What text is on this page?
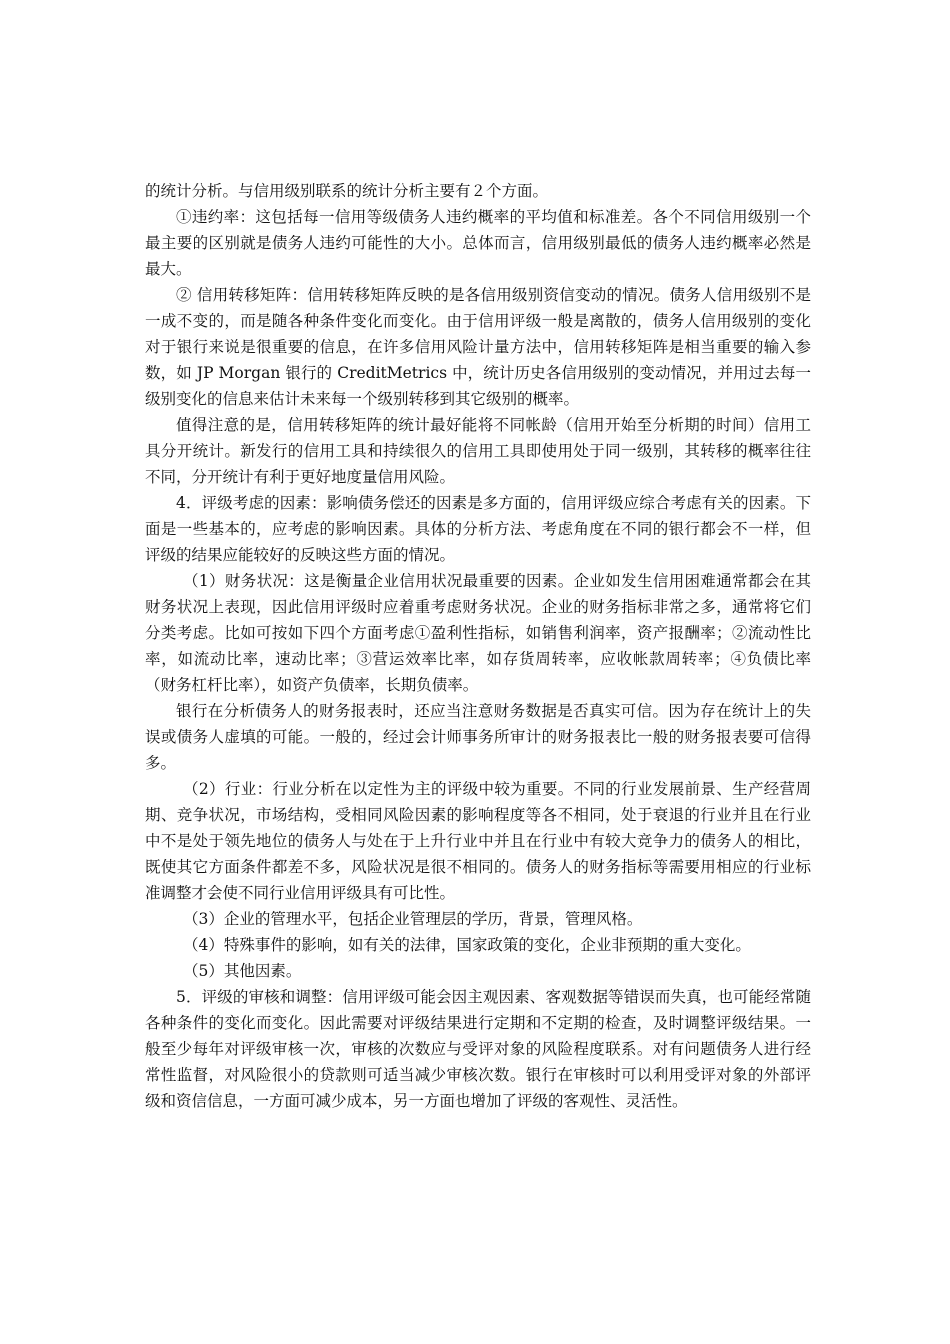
的统计分析。与信用级别联系的统计分析主要有２个方面。

①违约率：这包括每一信用等级债务人违约概率的平均值和标准差。各个不同信用级别一个最主要的区别就是债务人违约可能性的大小。总体而言，信用级别最低的债务人违约概率必然是最大。

② 信用转移矩阵：信用转移矩阵反映的是各信用级别资信变动的情况。债务人信用级别不是一成不变的，而是随各种条件变化而变化。由于信用评级一般是离散的，债务人信用级别的变化对于银行来说是很重要的信息，在许多信用风险计量方法中，信用转移矩阵是相当重要的输入参数，如 JP Morgan 银行的 CreditMetrics 中，统计历史各信用级别的变动情况，并用过去每一级别变化的信息来估计未来每一个级别转移到其它级别的概率。

值得注意的是，信用转移矩阵的统计最好能将不同帐龄（信用开始至分析期的时间）信用工具分开统计。新发行的信用工具和持续很久的信用工具即使用处于同一级别，其转移的概率往往不同，分开统计有利于更好地度量信用风险。

4．评级考虑的因素：影响债务偿还的因素是多方面的，信用评级应综合考虑有关的因素。下面是一些基本的，应考虑的影响因素。具体的分析方法、考虑角度在不同的银行都会不一样，但评级的结果应能较好的反映这些方面的情况。

（1）财务状况：这是衡量企业信用状况最重要的因素。企业如发生信用困难通常都会在其财务状况上表现，因此信用评级时应着重考虑财务状况。企业的财务指标非常之多，通常将它们分类考虑。比如可按如下四个方面考虑①盈利性指标，如销售利润率，资产报酬率；②流动性比率，如流动比率，速动比率；③营运效率比率，如存货周转率，应收帐款周转率；④负债比率（财务杠杆比率），如资产负债率，长期负债率。

银行在分析债务人的财务报表时，还应当注意财务数据是否真实可信。因为存在统计上的失误或债务人虚填的可能。一般的，经过会计师事务所审计的财务报表比一般的财务报表要可信得多。

（2）行业：行业分析在以定性为主的评级中较为重要。不同的行业发展前景、生产经营周期、竞争状况，市场结构，受相同风险因素的影响程度等各不相同，处于衰退的行业并且在行业中不是处于领先地位的债务人与处在于上升行业中并且在行业中有较大竞争力的债务人的相比，既使其它方面条件都差不多，风险状况是很不相同的。债务人的财务指标等需要用相应的行业标准调整才会使不同行业信用评级具有可比性。

（3）企业的管理水平，包括企业管理层的学历，背景，管理风格。

（4）特殊事件的影响，如有关的法律，国家政策的变化，企业非预期的重大变化。

（5）其他因素。

5．评级的审核和调整：信用评级可能会因主观因素、客观数据等错误而失真，也可能经常随各种条件的变化而变化。因此需要对评级结果进行定期和不定期的检查，及时调整评级结果。一般至少每年对评级审核一次，审核的次数应与受评对象的风险程度联系。对有问题债务人进行经常性监督，对风险很小的贷款则可适当减少审核次数。银行在审核时可以利用受评对象的外部评级和资信信息，一方面可减少成本，另一方面也增加了评级的客观性、灵活性。
